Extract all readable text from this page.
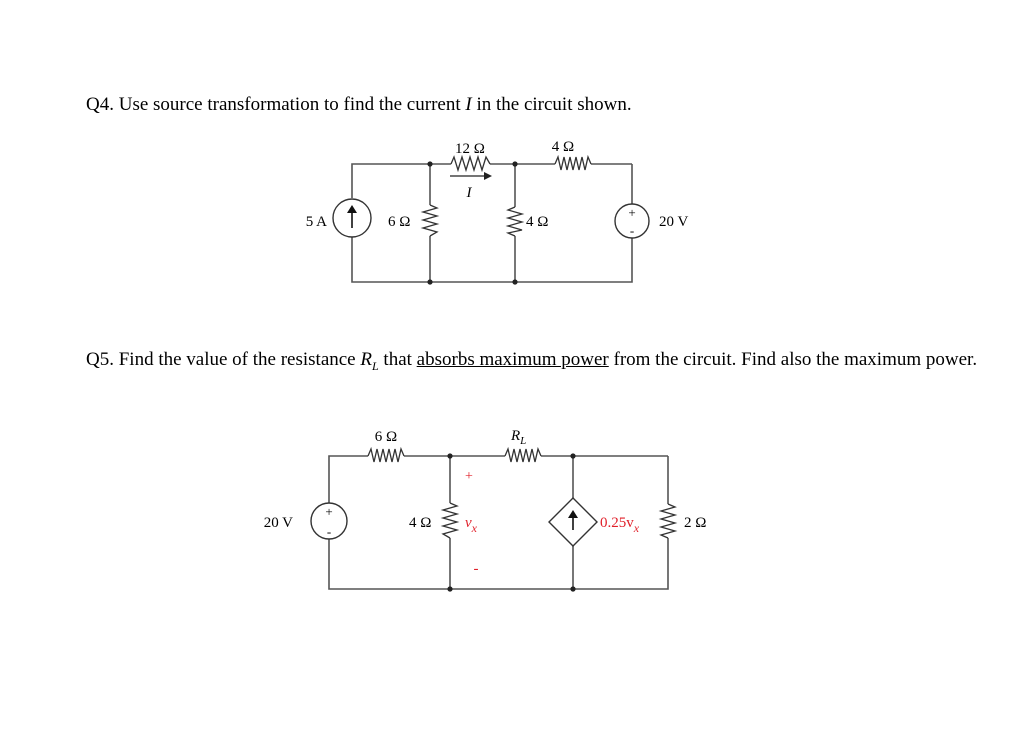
Q4. Use source transformation to find the current I in the circuit shown.
Q5. Find the value of the resistance $R_L$ that absorbs maximum power from the circuit. Find also the maximum power.
+
-
12 Ω	4 Ω
I
5 A	6 Ω	4 Ω	20 V
+
-
6 Ω	$R_L$
20 V	4 Ω
+
$v_x$
-
$0.25v_x$	2 Ω
